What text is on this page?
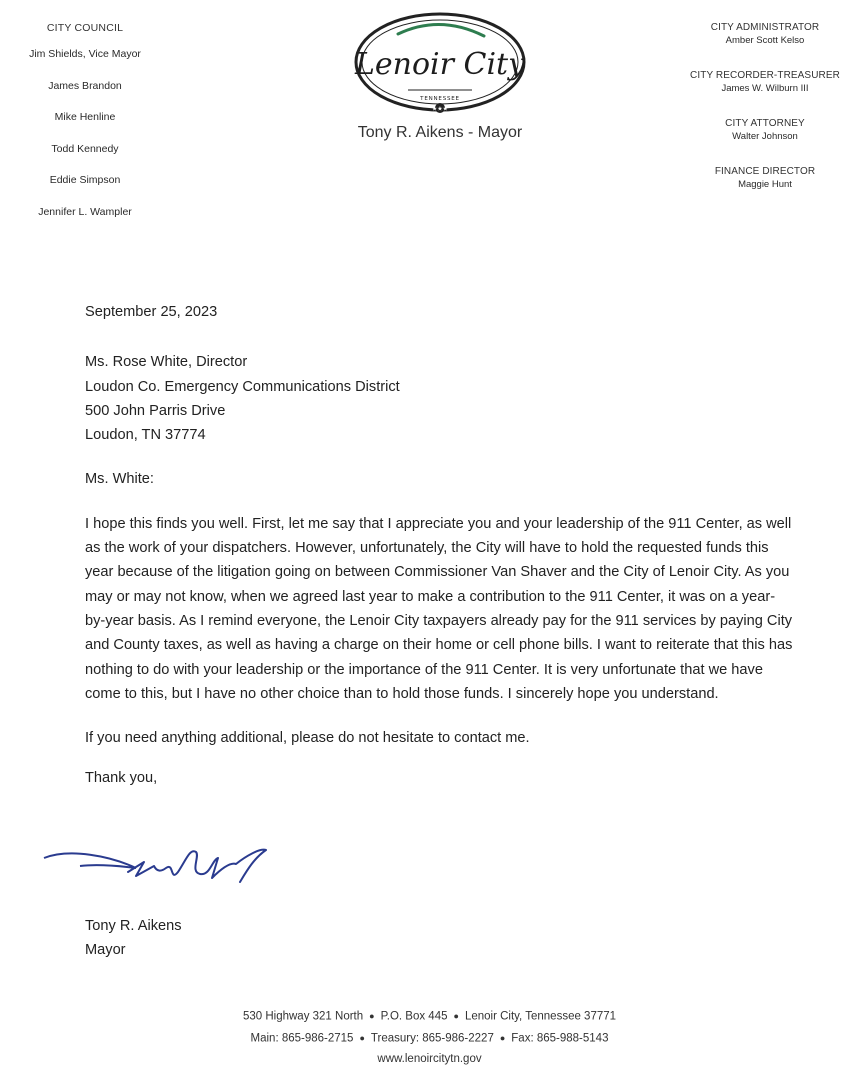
CITY COUNCIL
Jim Shields, Vice Mayor
James Brandon
Mike Henline
Todd Kennedy
Eddie Simpson
Jennifer L. Wampler
Lenoir City
TENNESSEE
★★★
Tony R. Aikens - Mayor
CITY ADMINISTRATOR
Amber Scott Kelso
CITY RECORDER-TREASURER
James W. Wilburn III
CITY ATTORNEY
Walter Johnson
FINANCE DIRECTOR
Maggie Hunt
September 25, 2023
Ms. Rose White, Director
Loudon Co. Emergency Communications District
500 John Parris Drive
Loudon, TN 37774
Ms. White:
I hope this finds you well. First, let me say that I appreciate you and your leadership of the 911 Center, as well as the work of your dispatchers. However, unfortunately, the City will have to hold the requested funds this year because of the litigation going on between Commissioner Van Shaver and the City of Lenoir City. As you may or may not know, when we agreed last year to make a contribution to the 911 Center, it was on a year-by-year basis. As I remind everyone, the Lenoir City taxpayers already pay for the 911 services by paying City and County taxes, as well as having a charge on their home or cell phone bills. I want to reiterate that this has nothing to do with your leadership or the importance of the 911 Center. It is very unfortunate that we have come to this, but I have no other choice than to hold those funds. I sincerely hope you understand.
If you need anything additional, please do not hesitate to contact me.
Thank you,
Tony R. Aikens
Mayor
530 Highway 321 North ● P.O. Box 445 ● Lenoir City, Tennessee 37771
Main: 865-986-2715 ● Treasury: 865-986-2227 ● Fax: 865-988-5143
www.lenoircitytn.gov
